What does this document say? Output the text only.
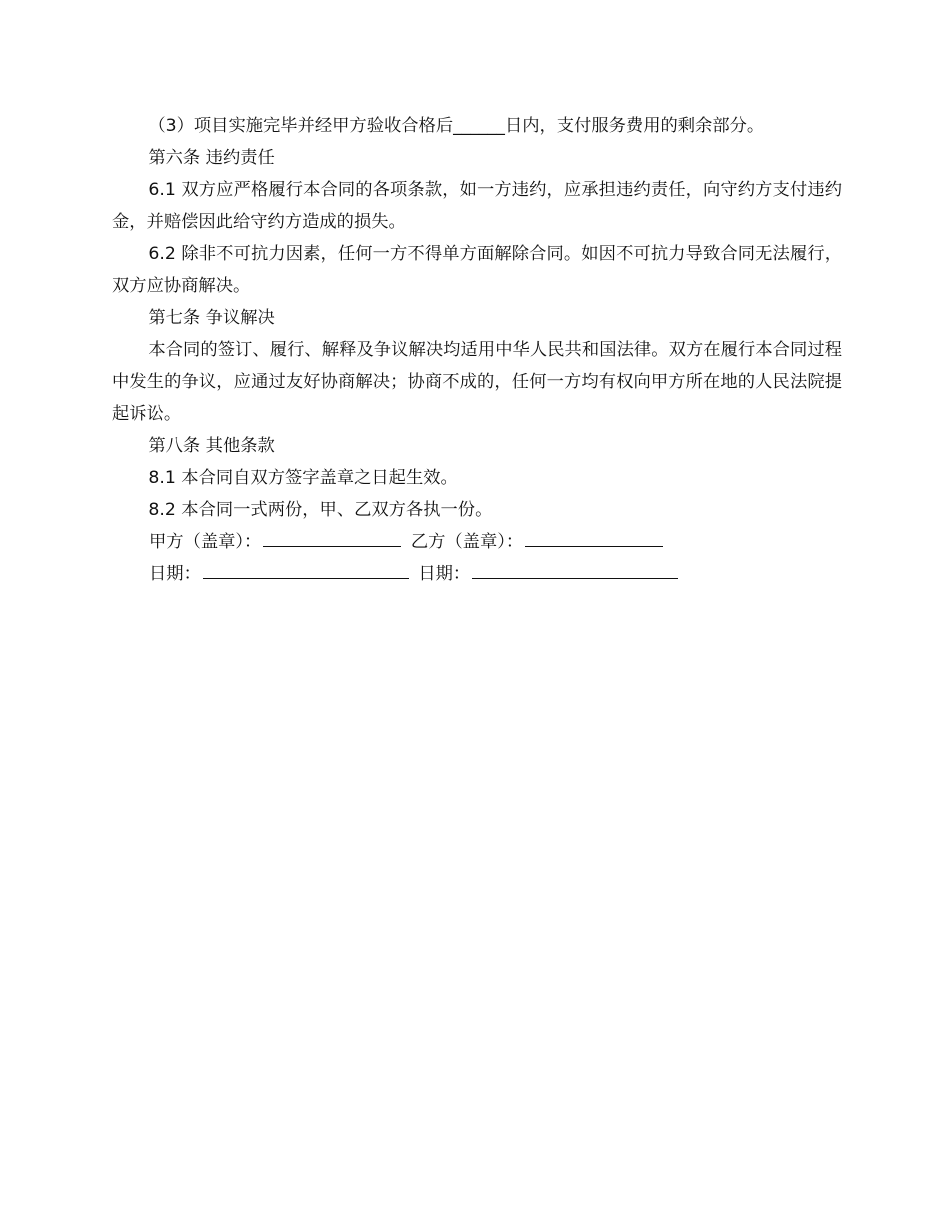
（3）项目实施完毕并经甲方验收合格后______日内，支付服务费用的剩余部分。

第六条 违约责任

6.1 双方应严格履行本合同的各项条款，如一方违约，应承担违约责任，向守约方支付违约金，并赔偿因此给守约方造成的损失。

6.2 除非不可抗力因素，任何一方不得单方面解除合同。如因不可抗力导致合同无法履行，双方应协商解决。

第七条 争议解决

本合同的签订、履行、解释及争议解决均适用中华人民共和国法律。双方在履行本合同过程中发生的争议，应通过友好协商解决；协商不成的，任何一方均有权向甲方所在地的人民法院提起诉讼。

第八条 其他条款

8.1 本合同自双方签字盖章之日起生效。

8.2 本合同一式两份，甲、乙双方各执一份。

甲方（盖章）：	乙方（盖章）：
日期：	日期：
